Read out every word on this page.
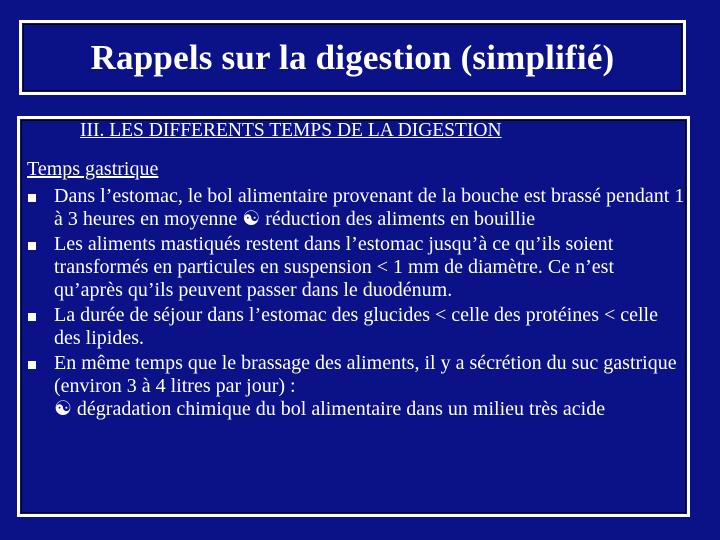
Rappels sur la digestion (simplifié)
III. LES DIFFERENTS TEMPS DE LA DIGESTION
Temps gastrique
Dans l’estomac, le bol alimentaire provenant de la bouche est brassé pendant 1 à 3 heures en moyenne ☯ réduction des aliments en bouillie
Les aliments mastiqués restent dans l’estomac jusqu’à ce qu’ils soient transformés en particules en suspension < 1 mm de diamètre. Ce n’est qu’après qu’ils peuvent passer dans le duodénum.
La durée de séjour dans l’estomac des glucides < celle des protéines < celle des lipides.
En même temps que le brassage des aliments, il y a sécrétion du suc gastrique (environ 3 à 4 litres par jour) :
☯ dégradation chimique du bol alimentaire dans un milieu très acide
